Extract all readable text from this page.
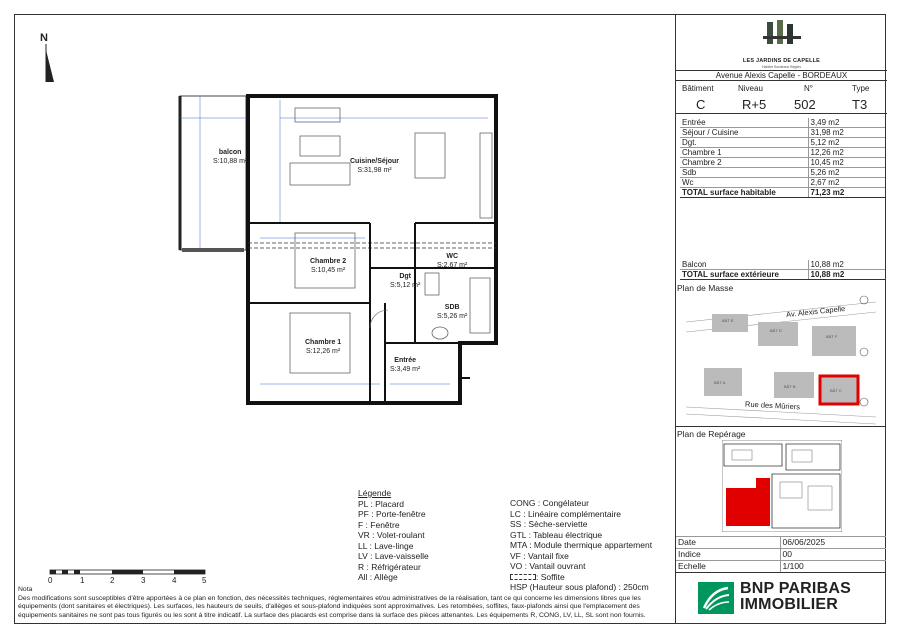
N
balcon
S:10,88 m²	Cuisine/Séjour
S:31,98 m²
Chambre 2
S:10,45 m²
WC
S:2,67 m²
Dgt
S:5,12 m²
SDB
S:5,26 m²
Chambre 1
S:12,26 m²
Entrée
S:3,49 m²
Légende
PL : Placard
PF : Porte-fenêtre
F : Fenêtre
VR : Volet-roulant
LL : Lave-linge
LV : Lave-vaisselle
R : Réfrigérateur
All : Allège
CONG : Congélateur
LC : Linéaire complémentaire
SS : Sèche-serviette
GTL : Tableau électrique
MTA : Module thermique appartement
VF : Vantail fixe
VO : Vantail ouvrant
: Soffite
HSP (Hauteur sous plafond) : 250cm
0	1	2	3	4	5
Nota
Des modifications sont susceptibles d'être apportées à ce plan en fonction, des nécessités techniques, réglementaires et/ou administratives de la réalisation, tant ce qui concerne les dimensions libres que les équipements (dont sanitaires et électriques). Les surfaces, les hauteurs de seuils, d'allèges et sous-plafond indiquées sont approximatives. Les retombées, soffites, faux-plafonds ainsi que l'emplacement des équipements sanitaires ne sont pas tous figurés ou les sont à titre indicatif. La surface des placards est comprise dans la surface des pièces attenantes. Les équipements R, CONG, LV, LL, SL sont non fournis.
LES JARDINS DE CAPELLE
Habiter Bordeaux Bègles
Avenue Alexis Capelle - BORDEAUX
Bâtiment	Niveau	N°	Type
C	R+5 502	T3
Entrée	3,49 m2
Séjour / Cuisine	31,98 m2
Dgt.	5,12 m2
Chambre 1	12,26 m2
Chambre 2	10,45 m2
Sdb	5,26 m2
Wc	2,67 m2
TOTAL surface habitable	71,23 m2
Balcon	10,88 m2
TOTAL surface extérieure	10,88 m2
Plan de Masse
Av. Alexis Capelle
Rue des Mûriers
BÂT E
BÂT D
BÂT F
BÂT A
BÂT B
BÂT C
Plan de Repérage
Date	06/06/2025
Indice	00
Echelle	1/100
BNP PARIBAS
IMMOBILIER
